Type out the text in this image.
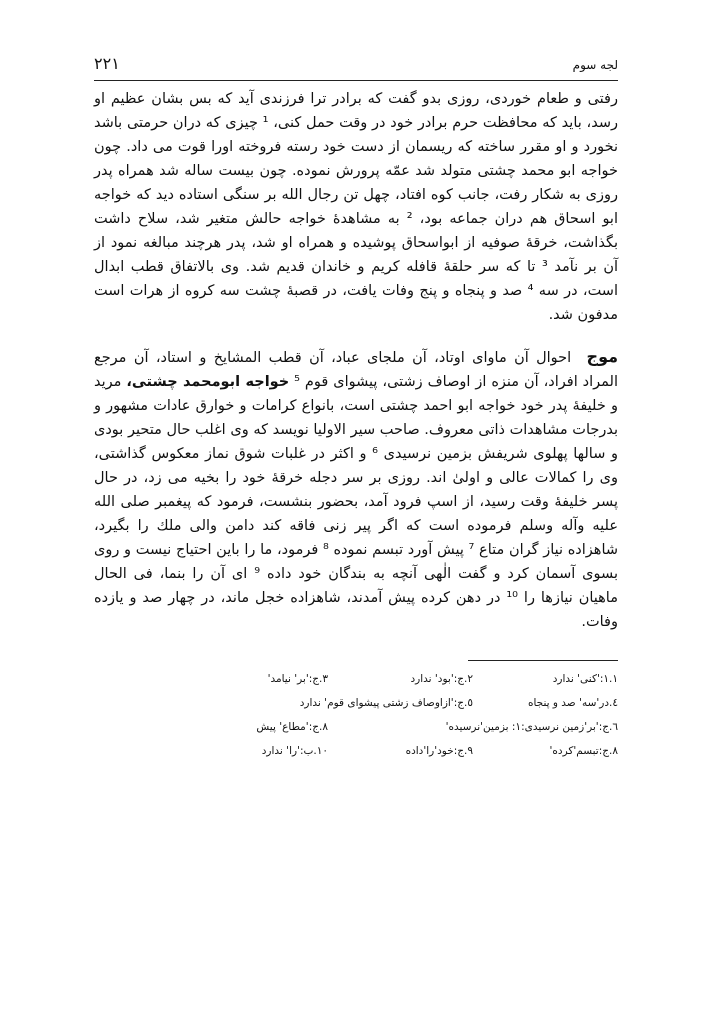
لجه سوم
۲۲۱

رفتی و طعام خوردی، روزی بدو گفت که برادر ترا فرزندی آید که بس بشان عظیم او رسد، باید که محافظت حرم برادر خود در وقت حمل کنی، ¹ چیزی که دران حرمتی باشد نخورد و او مقرر ساخته که ریسمان از دست خود رسته فروخته اورا قوت می داد. چون خواجه ابو محمد چشتی متولد شد عمّه پرورش نموده. چون بیست ساله شد همراه پدر روزی به شکار رفت، جانب کوه افتاد، چهل تن رجال الله بر سنگی استاده دید که خواجه ابو اسحاق هم دران جماعه بود، ² به مشاهدۀ خواجه حالش متغیر شد، سلاح داشت بگذاشت، خرقۀ صوفیه از ابواسحاق پوشیده و همراه او شد، پدر هرچند مبالغه نمود از آن بر نآمد ³ تا که سر حلقۀ قافله کریم و خاندان قدیم شد. وی بالاتفاق قطب ابدال است، در سه ⁴ صد و پنجاه و پنج وفات یافت، در قصبۀ چشت سه کروه از هرات است مدفون شد.

موج احوال آن ماوای اوتاد، آن ملجای عباد، آن قطب المشایخ و استاد، آن مرجع المراد افراد، آن منزه از اوصاف زشتی، پیشوای قوم ⁵ خواجه ابومحمد چشتی، مرید و خلیفۀ پدر خود خواجه ابو احمد چشتی است، بانواع کرامات و خوارق عادات مشهور و بدرجات مشاهدات ذاتی معروف. صاحب سیر الاولیا نویسد که وی اغلب حال متحیر بودی و سالها پهلوی شریفش بزمین نرسیدی ⁶ و اکثر در غلبات شوق نماز معکوس گذاشتی، وی را کمالات عالی و اولیٰ اند. روزی بر سر دجله خرقۀ خود را بخیه می زد، در حال پسر خلیفۀ وقت رسید، از اسپ فرود آمد، بحضور بنشست، فرمود که پیغمبر صلی الله علیه وآله وسلم فرموده است که اگر پیر زنی فاقه کند دامن والی ملك را بگیرد، شاهزاده نیاز گران متاع ⁷ پیش آورد تبسم نموده ⁸ فرمود، ما را باین احتیاج نیست و روی بسوی آسمان کرد و گفت الٰهی آنچه به بندگان خود داده ⁹ ای آن را بنما، فی الحال ماهیان نیازها را ¹⁰ در دهن کرده پیش آمدند، شاهزاده خجل ماند، در چهار صد و یازده وفات.

١.١:'کنی' ندارد
٢.ج:'بود' ندارد
٣.ج:'بر' نیامد'
٤.در'سه' صد و پنجاه
٥.ج:'ازاوصاف زشتی پیشوای قوم' ندارد
٦.ج:'بر'زمین نرسیدی:١: بزمین'نرسیده'
٨.ج:'مطاع' پیش
٨.ج:تبسم'کرده'
٩.ج:خود'را'داده
١٠.ب:'را' ندارد
